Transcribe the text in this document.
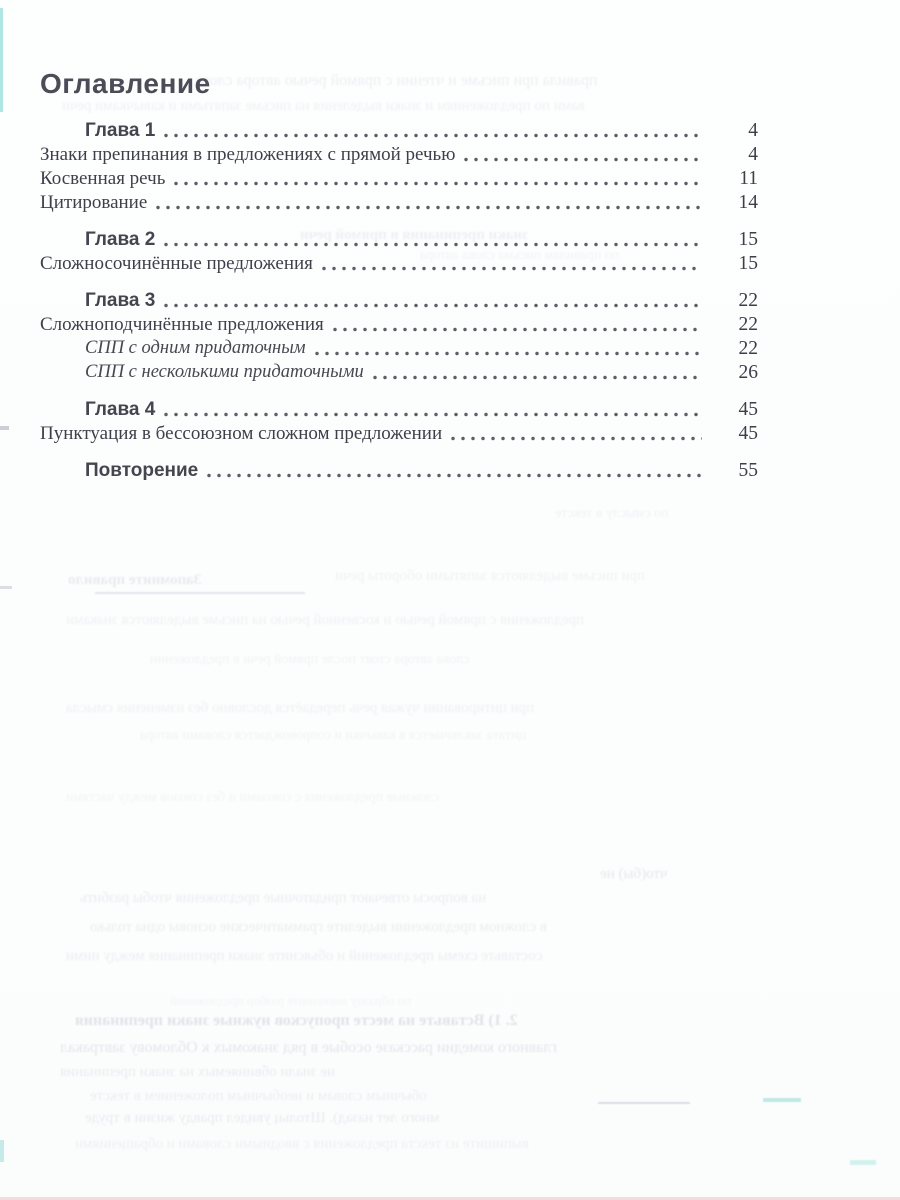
Оглавление
Глава 1	4
Знаки препинания в предложениях с прямой речью	4
Косвенная речь	11
Цитирование	14
Глава 2	15
Сложносочинённые предложения	15
Глава 3	22
Сложноподчинённые предложения	22
СПП с одним придаточным	22
СПП с несколькими придаточными	26
Глава 4	45
Пунктуация в бессоюзном сложном предложении	45
Повторение	55
правила при письме и чтении с прямой речью автора слова
вами по предложениям и знаки выделения на письме запятыми и кавычками речи
знаки препинания в прямой речи
по правилам письма слова автора
по смыслу в тексте
Запомните правило	при письме выделяются запятыми обороты речи
предложения с прямой речью и косвенной речью на письме выделяются знаками
слова автора стоят после прямой речи в предложении
при цитировании чужая речь передаётся дословно без изменения смысла
цитата заключается в кавычки и сопровождается словами автора
сложные предложения с союзами и без союзов между частями
что(бы) не
на вопросы отвечают придаточные предложения чтобы разбить
в сложном предложении выделите грамматические основы одна только
составьте схемы предложений и объясните знаки препинания между ними
по образцу выполните разбор предложений
2. 1) Вставьте на месте пропусков нужные знаки препинания
главного комедии рассказе особые в ряд знакомых к Обломову завтракал
не знали обвиняемых на знаки препинания
обычным словам и необычным положением в тексте
много лет назад). Штольц увидел правду жизни в труде
выпишите из текста предложения с вводными словами и обращениями
